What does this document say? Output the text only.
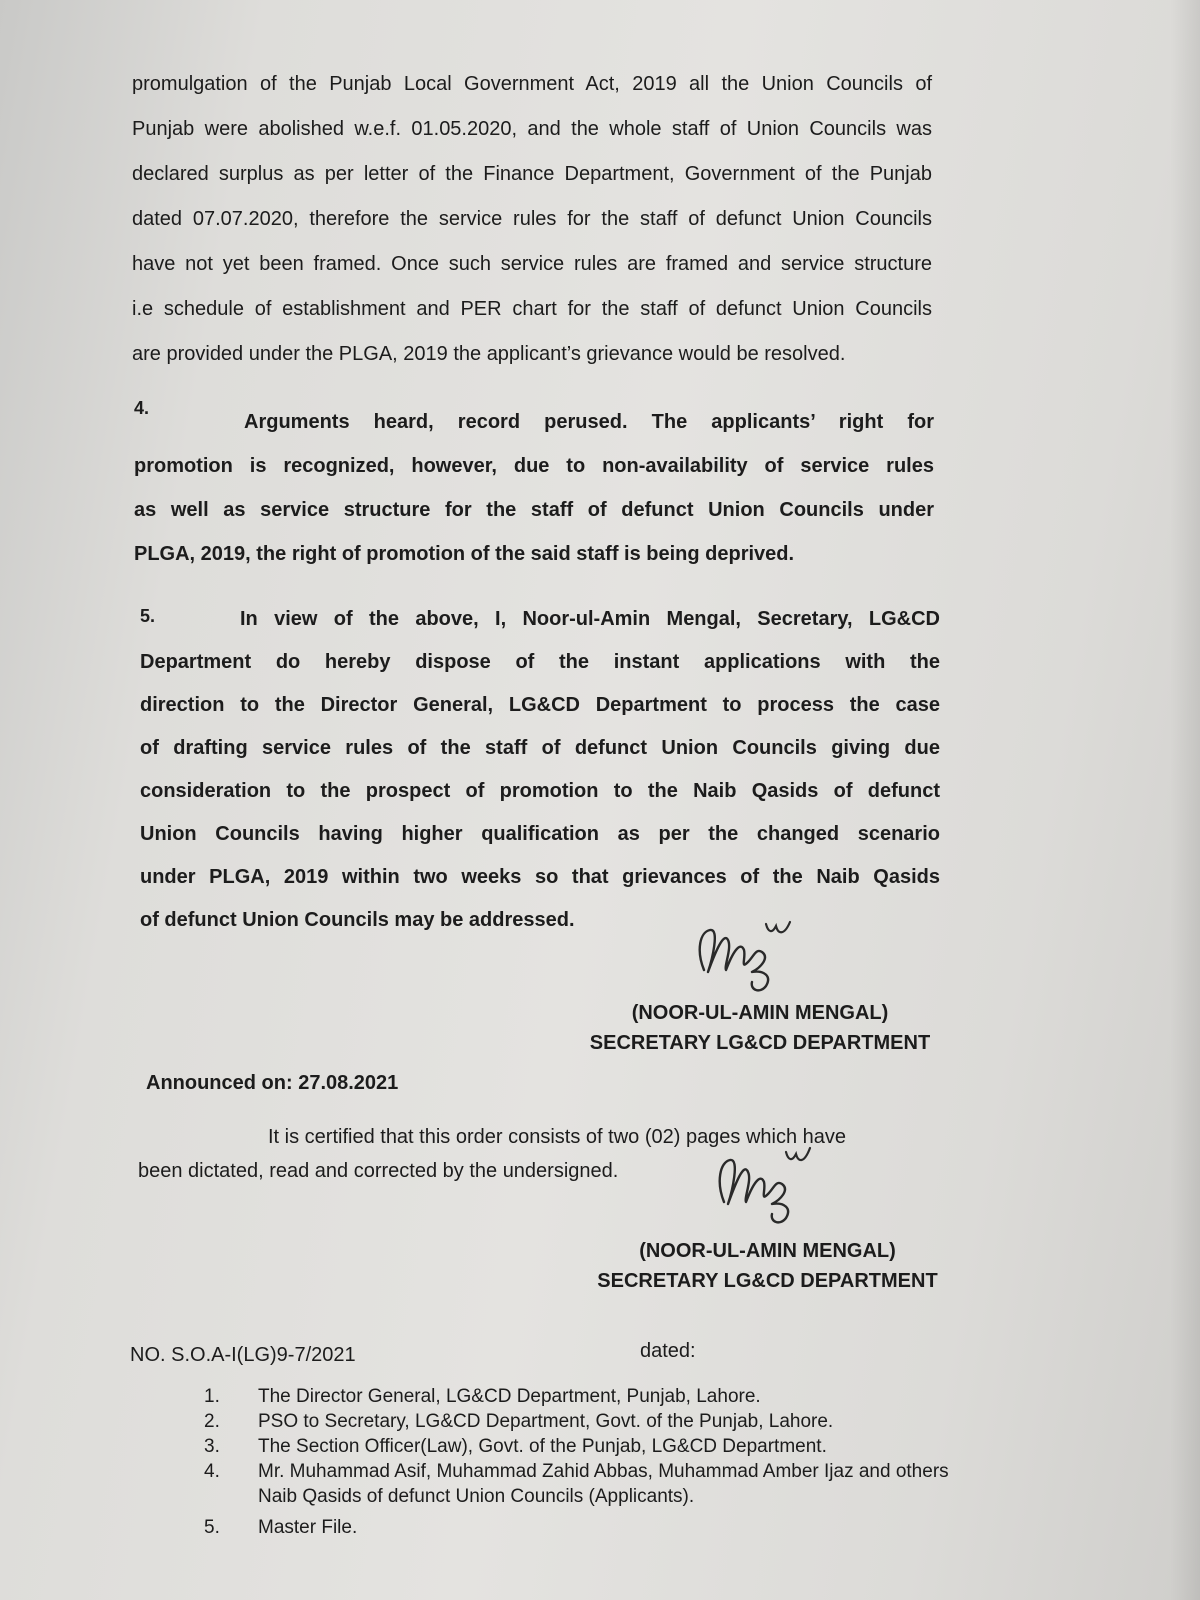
promulgation of the Punjab Local Government Act, 2019 all the Union Councils of
Punjab were abolished w.e.f. 01.05.2020, and the whole staff of Union Councils was
declared surplus as per letter of the Finance Department, Government of the Punjab
dated 07.07.2020, therefore the service rules for the staff of defunct Union Councils
have not yet been framed. Once such service rules are framed and service structure
i.e schedule of establishment and PER chart for the staff of defunct Union Councils
are provided under the PLGA, 2019 the applicant’s grievance would be resolved.

4.

Arguments heard, record perused. The applicants’ right for
promotion is recognized, however, due to non-availability of service rules
as well as service structure for the staff of defunct Union Councils under
PLGA, 2019, the right of promotion of the said staff is being deprived.

5.	In view of the above, I, Noor-ul-Amin Mengal, Secretary, LG&CD
Department do hereby dispose of the instant applications with the
direction to the Director General, LG&CD Department to process the case
of drafting service rules of the staff of defunct Union Councils giving due
consideration to the prospect of promotion to the Naib Qasids of defunct
Union Councils having higher qualification as per the changed scenario
under PLGA, 2019 within two weeks so that grievances of the Naib Qasids
of defunct Union Councils may be addressed.

(NOOR-UL-AMIN MENGAL)
SECRETARY LG&CD DEPARTMENT
Announced on: 27.08.2021
It is certified that this order consists of two (02) pages which have
been dictated, read and corrected by the undersigned.
(NOOR-UL-AMIN MENGAL)
SECRETARY LG&CD DEPARTMENT
NO. S.O.A-I(LG)9-7/2021	dated:
1. The Director General, LG&CD Department, Punjab, Lahore.
2. PSO to Secretary, LG&CD Department, Govt. of the Punjab, Lahore.
3. The Section Officer(Law), Govt. of the Punjab, LG&CD Department.
4. Mr. Muhammad Asif, Muhammad Zahid Abbas, Muhammad Amber Ijaz and others Naib Qasids of defunct Union Councils (Applicants).
5. Master File.
